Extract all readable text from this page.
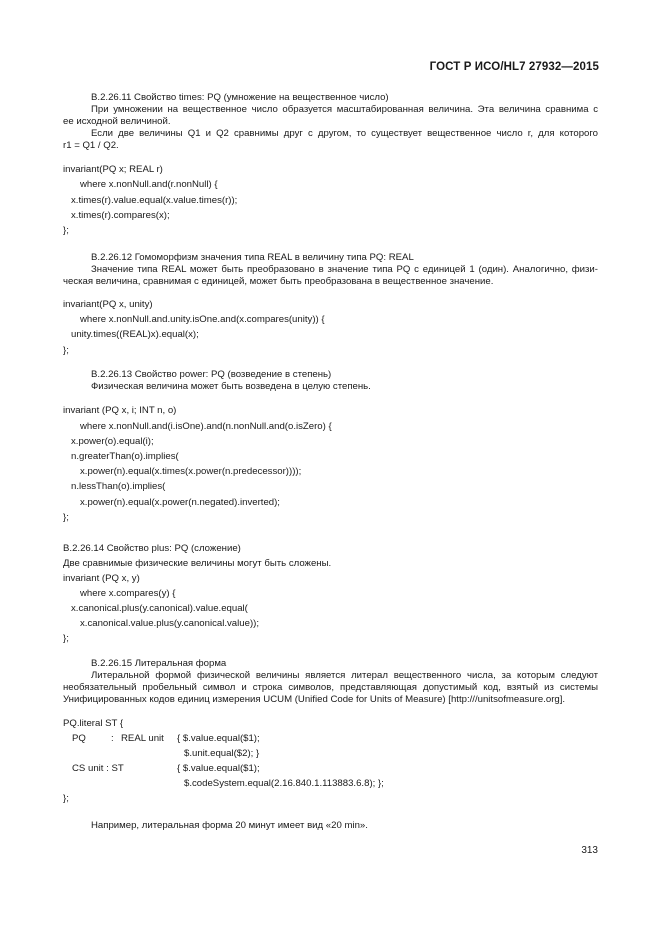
ГОСТ Р ИСО/HL7 27932—2015
B.2.26.11 Свойство times: PQ (умножение на вещественное число)
При умножении на вещественное число образуется масштабированная величина. Эта величина сравнима с
ее исходной величиной.
Если две величины Q1 и Q2 сравнимы друг с другом, то существует вещественное число r, для которого
r1 = Q1 / Q2.
invariant(PQ x; REAL r)
where x.nonNull.and(r.nonNull) {
x.times(r).value.equal(x.value.times(r));
x.times(r).compares(x);
};
B.2.26.12 Гомоморфизм значения типа REAL в величину типа PQ: REAL
Значение типа REAL может быть преобразовано в значение типа PQ с единицей 1 (один). Аналогично, физи-
ческая величина, сравнимая с единицей, может быть преобразована в вещественное значение.
invariant(PQ x, unity)
where x.nonNull.and.unity.isOne.and(x.compares(unity)) {
unity.times((REAL)x).equal(x);
};
B.2.26.13 Свойство power: PQ (возведение в степень)
Физическая величина может быть возведена в целую степень.
invariant (PQ x, i; INT n, o)
where x.nonNull.and(i.isOne).and(n.nonNull.and(o.isZero) {
x.power(o).equal(i);
n.greaterThan(o).implies(
x.power(n).equal(x.times(x.power(n.predecessor))));
n.lessThan(o).implies(
x.power(n).equal(x.power(n.negated).inverted);
};
B.2.26.14 Свойство plus: PQ (сложение)
Две сравнимые физические величины могут быть сложены.
invariant (PQ x, y)
where x.compares(y) {
x.canonical.plus(y.canonical).value.equal(
x.canonical.value.plus(y.canonical.value));
};
B.2.26.15 Литеральная форма
Литеральной формой физической величины является литерал вещественного числа, за которым следуют
необязательный пробельный символ и строка символов, представляющая допустимый код, взятый из системы
Унифицированных кодов единиц измерения UCUM (Unified Code for Units of Measure) [http:///unitsofmeasure.org].
PQ.literal ST {
PQ	: REAL unit { $.value.equal($1);
$.unit.equal($2); }
CS unit : ST	{ $.value.equal($1);
$.codeSystem.equal(2.16.840.1.113883.6.8); };
};
Например, литеральная форма 20 минут имеет вид «20 min».
313
